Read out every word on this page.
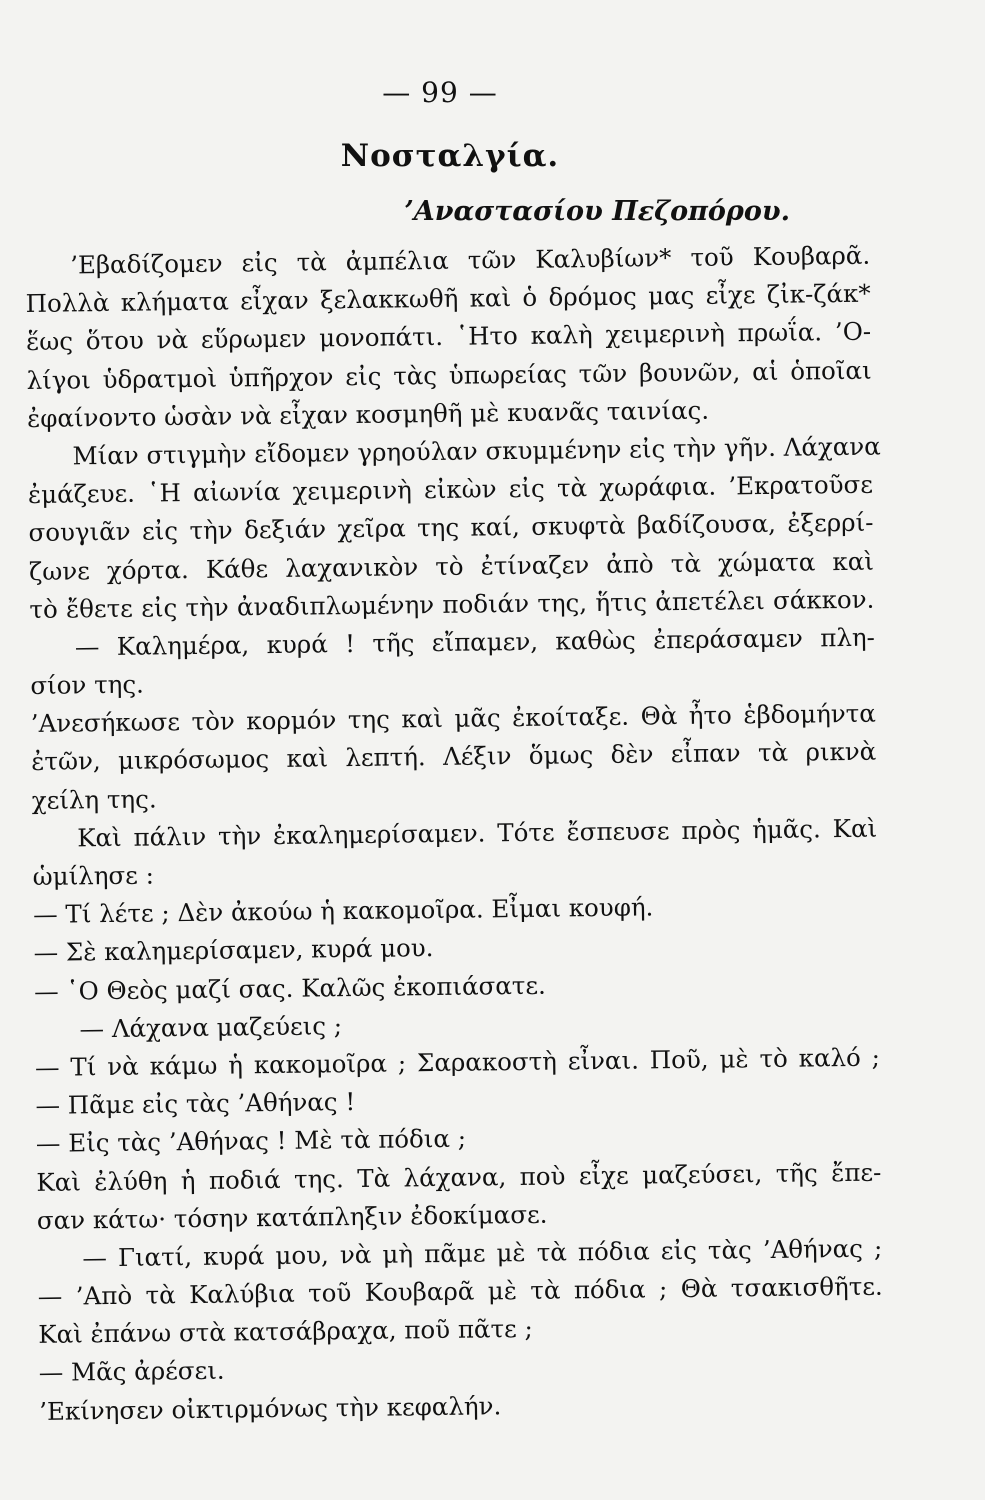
— 99 —
Νοσταλγία.
’Αναστασίου Πεζοπόρου.
’Εβαδίζομεν εἰς τὰ ἀμπέλια τῶν Καλυβίων* τοῦ Κουβαρᾶ.
Πολλὰ κλήματα εἶχαν ξελακκωθῆ καὶ ὁ δρόμος μας εἶχε ζἰκ-ζάκ*
ἕως ὅτου νὰ εὕρωμεν μονοπάτι. ῾Ητο καλὴ χειμερινὴ πρωΐα. ’Ο-
λίγοι ὑδρατμοὶ ὑπῆρχον εἰς τὰς ὑπωρείας τῶν βουνῶν, αἱ ὁποῖαι
ἐφαίνοντο ὡσὰν νὰ εἶχαν κοσμηθῆ μὲ κυανᾶς ταινίας.
Μίαν στιγμὴν εἴδομεν γρηούλαν σκυμμένην εἰς τὴν γῆν. Λάχανα
ἐμάζευε. ῾Η αἰωνία χειμερινὴ εἰκὼν εἰς τὰ χωράφια. ’Εκρατοῦσε
σουγιᾶν εἰς τὴν δεξιάν χεῖρα της καί, σκυφτὰ βαδίζουσα, ἐξερρί-
ζωνε χόρτα. Κάθε λαχανικὸν τὸ ἐτίναζεν ἀπὸ τὰ χώματα καὶ
τὸ ἔθετε εἰς τὴν ἀναδιπλωμένην ποδιάν της, ἥτις ἀπετέλει σάκκον.
— Καλημέρα, κυρά ! τῆς εἴπαμεν, καθὼς ἐπεράσαμεν πλη-
σίον της.
’Ανεσήκωσε τὸν κορμόν της καὶ μᾶς ἐκοίταξε. Θὰ ἦτο ἑβδομήντα
ἐτῶν, μικρόσωμος καὶ λεπτή. Λέξιν ὅμως δὲν εἶπαν τὰ ρικνὰ
χείλη της.
Καὶ πάλιν τὴν ἐκαλημερίσαμεν. Τότε ἔσπευσε πρὸς ἡμᾶς. Καὶ
ὡμίλησε :
— Τί λέτε ; Δὲν ἀκούω ἡ κακομοῖρα. Εἶμαι κουφή.
— Σὲ καλημερίσαμεν, κυρά μου.
— ῾Ο Θεὸς μαζί σας. Καλῶς ἐκοπιάσατε.
— Λάχανα μαζεύεις ;
— Τί νὰ κάμω ἡ κακομοῖρα ; Σαρακοστὴ εἶναι. Ποῦ, μὲ τὸ καλό ;
— Πᾶμε εἰς τὰς ’Αθήνας !
— Εἰς τὰς ’Αθήνας ! Μὲ τὰ πόδια ;
Καὶ ἐλύθη ἡ ποδιά της. Τὰ λάχανα, ποὺ εἶχε μαζεύσει, τῆς ἔπε-
σαν κάτω· τόσην κατάπληξιν ἐδοκίμασε.
— Γιατί, κυρά μου, νὰ μὴ πᾶμε μὲ τὰ πόδια εἰς τὰς ’Αθήνας ;
— ’Απὸ τὰ Καλύβια τοῦ Κουβαρᾶ μὲ τὰ πόδια ; Θὰ τσακισθῆτε.
Καὶ ἐπάνω στὰ κατσάβραχα, ποῦ πᾶτε ;
— Μᾶς ἀρέσει.
’Εκίνησεν οἰκτιρμόνως τὴν κεφαλήν.
